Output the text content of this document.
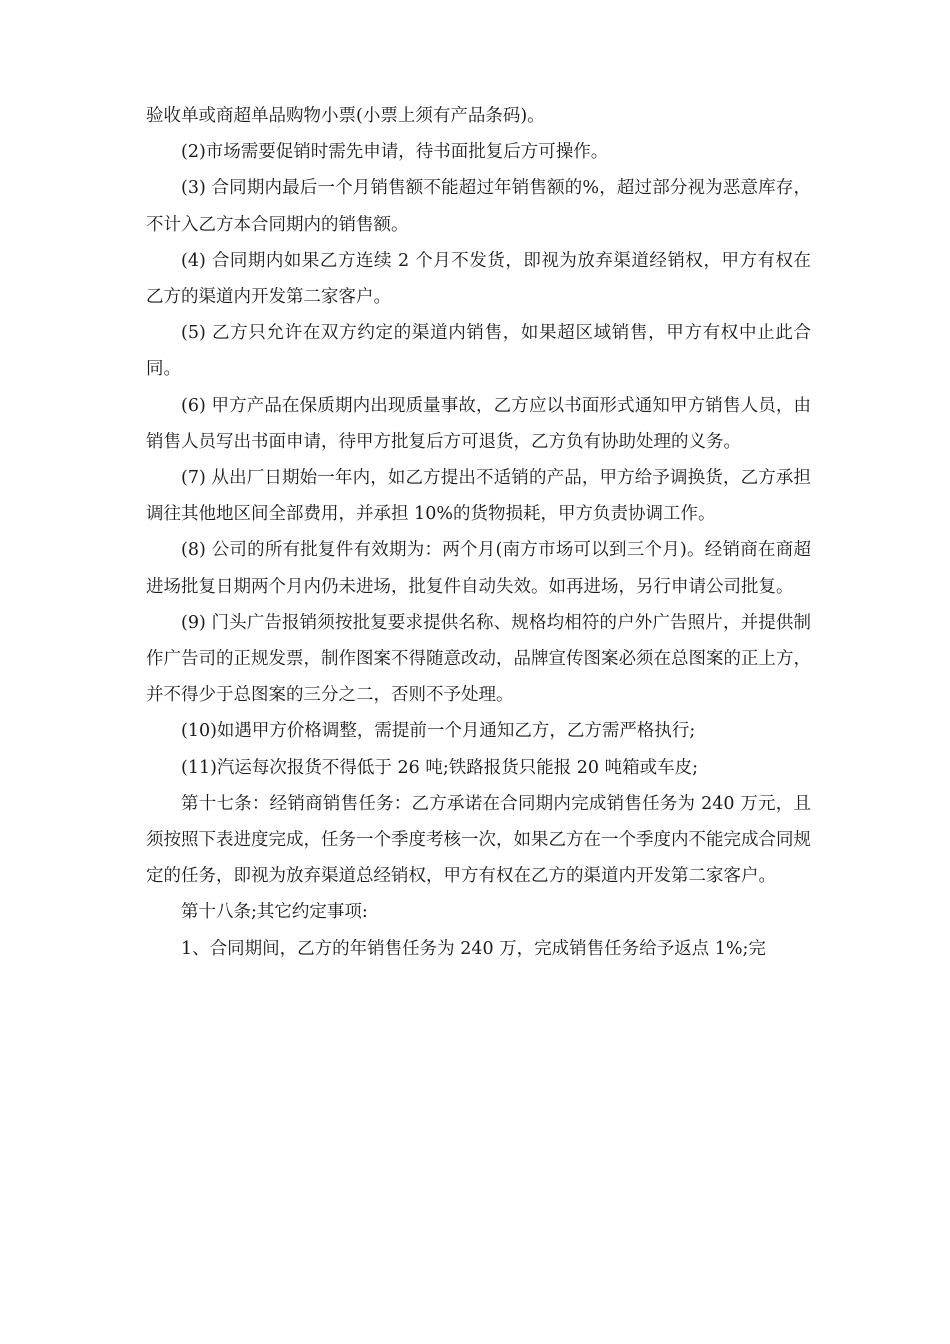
验收单或商超单品购物小票(小票上须有产品条码)。

(2)市场需要促销时需先申请，待书面批复后方可操作。

(3) 合同期内最后一个月销售额不能超过年销售额的%，超过部分视为恶意库存，不计入乙方本合同期内的销售额。

(4) 合同期内如果乙方连续 2 个月不发货，即视为放弃渠道经销权，甲方有权在乙方的渠道内开发第二家客户。

(5) 乙方只允许在双方约定的渠道内销售，如果超区域销售，甲方有权中止此合同。

(6) 甲方产品在保质期内出现质量事故，乙方应以书面形式通知甲方销售人员，由销售人员写出书面申请，待甲方批复后方可退货，乙方负有协助处理的义务。

(7) 从出厂日期始一年内，如乙方提出不适销的产品，甲方给予调换货，乙方承担调往其他地区间全部费用，并承担 10%的货物损耗，甲方负责协调工作。

(8) 公司的所有批复件有效期为：两个月(南方市场可以到三个月)。经销商在商超进场批复日期两个月内仍未进场，批复件自动失效。如再进场，另行申请公司批复。

(9) 门头广告报销须按批复要求提供名称、规格均相符的户外广告照片，并提供制作广告司的正规发票，制作图案不得随意改动，品牌宣传图案必须在总图案的正上方，并不得少于总图案的三分之二，否则不予处理。

(10)如遇甲方价格调整，需提前一个月通知乙方，乙方需严格执行;

(11)汽运每次报货不得低于 26 吨;铁路报货只能报 20 吨箱或车皮;

第十七条：经销商销售任务：乙方承诺在合同期内完成销售任务为 240 万元，且须按照下表进度完成，任务一个季度考核一次，如果乙方在一个季度内不能完成合同规定的任务，即视为放弃渠道总经销权，甲方有权在乙方的渠道内开发第二家客户。

第十八条;其它约定事项:

1、合同期间，乙方的年销售任务为 240 万，完成销售任务给予返点 1%;完
